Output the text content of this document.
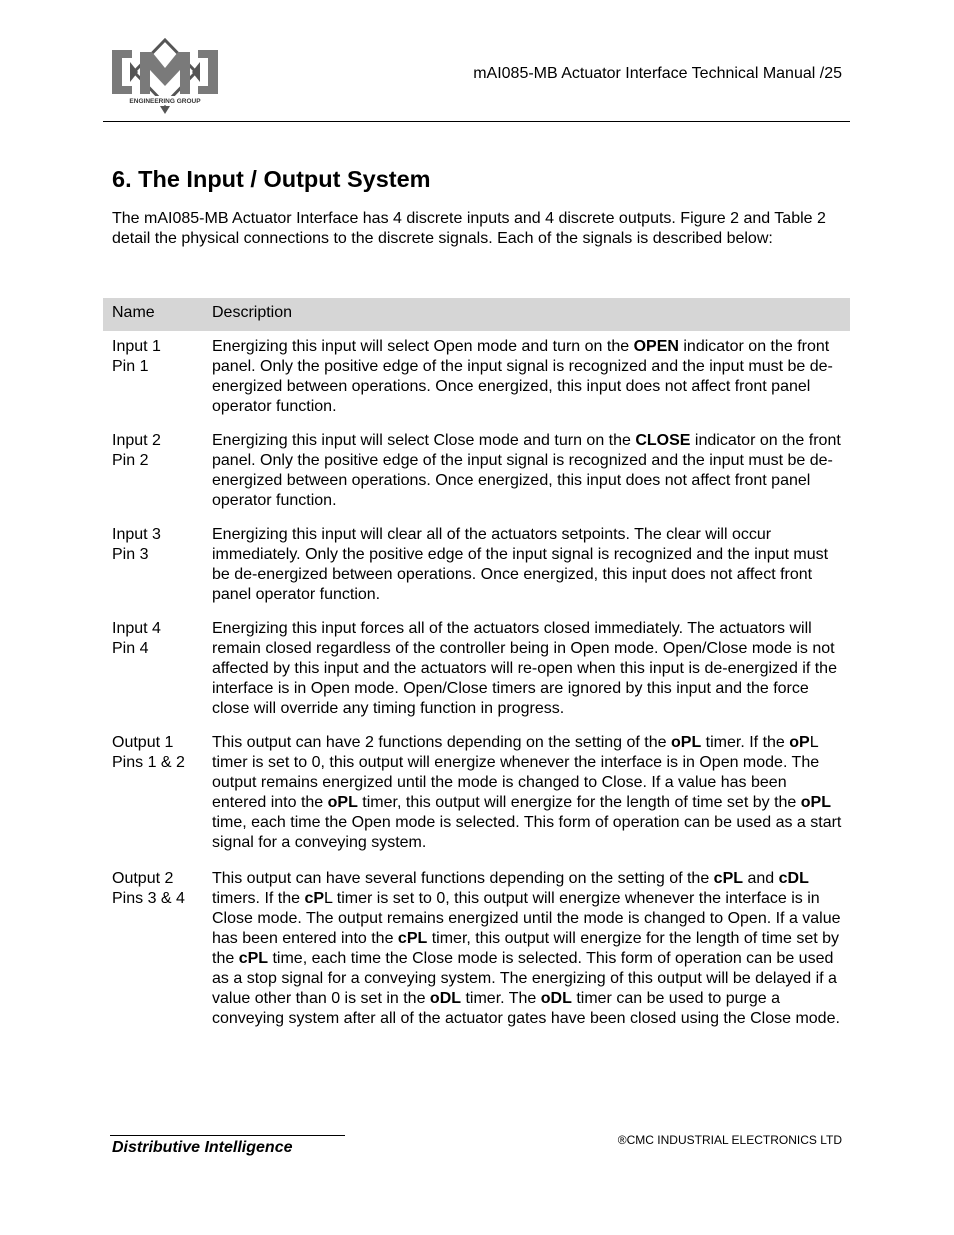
ENGINEERING GROUP
mAI085-MB Actuator Interface Technical Manual /25
6. The Input / Output System

The mAI085-MB Actuator Interface has 4 discrete inputs and 4 discrete outputs. Figure 2 and Table 2 detail the physical connections to the discrete signals. Each of the signals is described below:

Name	Description
Input 1
Pin 1
Energizing this input will select Open mode and turn on the OPEN indicator on the front panel. Only the positive edge of the input signal is recognized and the input must be de-energized between operations. Once energized, this input does not affect front panel operator function.
Input 2
Pin 2
Energizing this input will select Close mode and turn on the CLOSE indicator on the front panel. Only the positive edge of the input signal is recognized and the input must be de-energized between operations. Once energized, this input does not affect front panel operator function.
Input 3
Pin 3
Energizing this input will clear all of the actuators setpoints. The clear will occur immediately. Only the positive edge of the input signal is recognized and the input must be de-energized between operations. Once energized, this input does not affect front panel operator function.
Input 4
Pin 4
Energizing this input forces all of the actuators closed immediately. The actuators will remain closed regardless of the controller being in Open mode. Open/Close mode is not affected by this input and the actuators will re-open when this input is de-energized if the interface is in Open mode. Open/Close timers are ignored by this input and the force close will override any timing function in progress.
Output 1
Pins 1 & 2
This output can have 2 functions depending on the setting of the oPL timer. If the oPL timer is set to 0, this output will energize whenever the interface is in Open mode. The output remains energized until the mode is changed to Close. If a value has been entered into the oPL timer, this output will energize for the length of time set by the oPL time, each time the Open mode is selected. This form of operation can be used as a start signal for a conveying system.
Output 2
Pins 3 & 4
This output can have several functions depending on the setting of the cPL and cDL timers. If the cPL timer is set to 0, this output will energize whenever the interface is in Close mode. The output remains energized until the mode is changed to Open. If a value has been entered into the cPL timer, this output will energize for the length of time set by the cPL time, each time the Close mode is selected. This form of operation can be used as a stop signal for a conveying system. The energizing of this output will be delayed if a value other than 0 is set in the oDL timer. The oDL timer can be used to purge a conveying system after all of the actuator gates have been closed using the Close mode.
Distributive Intelligence	®CMC INDUSTRIAL ELECTRONICS LTD
